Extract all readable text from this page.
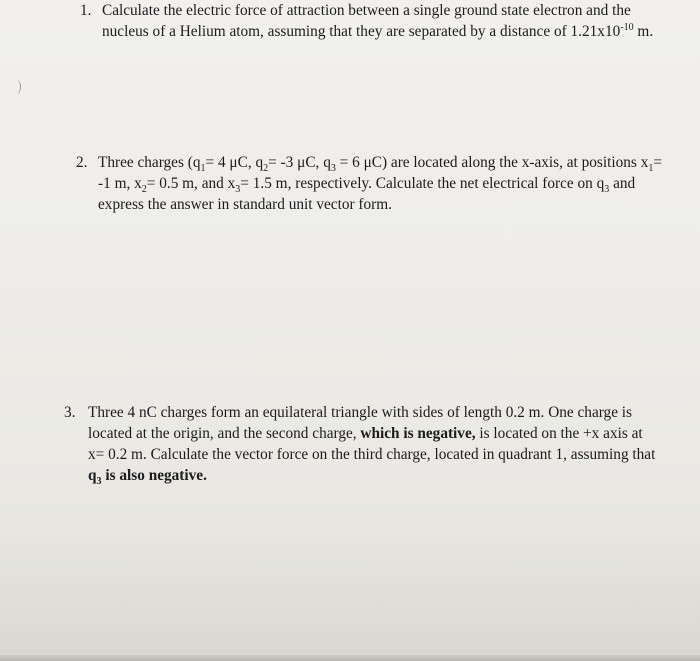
1. Calculate the electric force of attraction between a single ground state electron and the
nucleus of a Helium atom, assuming that they are separated by a distance of $1.21x10^{-10}$ m.
2. Three charges ($q_1= 4$ μC, $q_2= -3$ μC, $q_3 = 6$ μC) are located along the x-axis, at positions $x_1=$
-1 m, $x_2= 0.5$ m, and $x_3= 1.5$ m, respectively. Calculate the net electrical force on $q_3$ and
express the answer in standard unit vector form.
3. Three 4 nC charges form an equilateral triangle with sides of length 0.2 m. One charge is
located at the origin, and the second charge, which is negative, is located on the +x axis at
x= 0.2 m. Calculate the vector force on the third charge, located in quadrant 1, assuming that
$q_3$ is also negative.
